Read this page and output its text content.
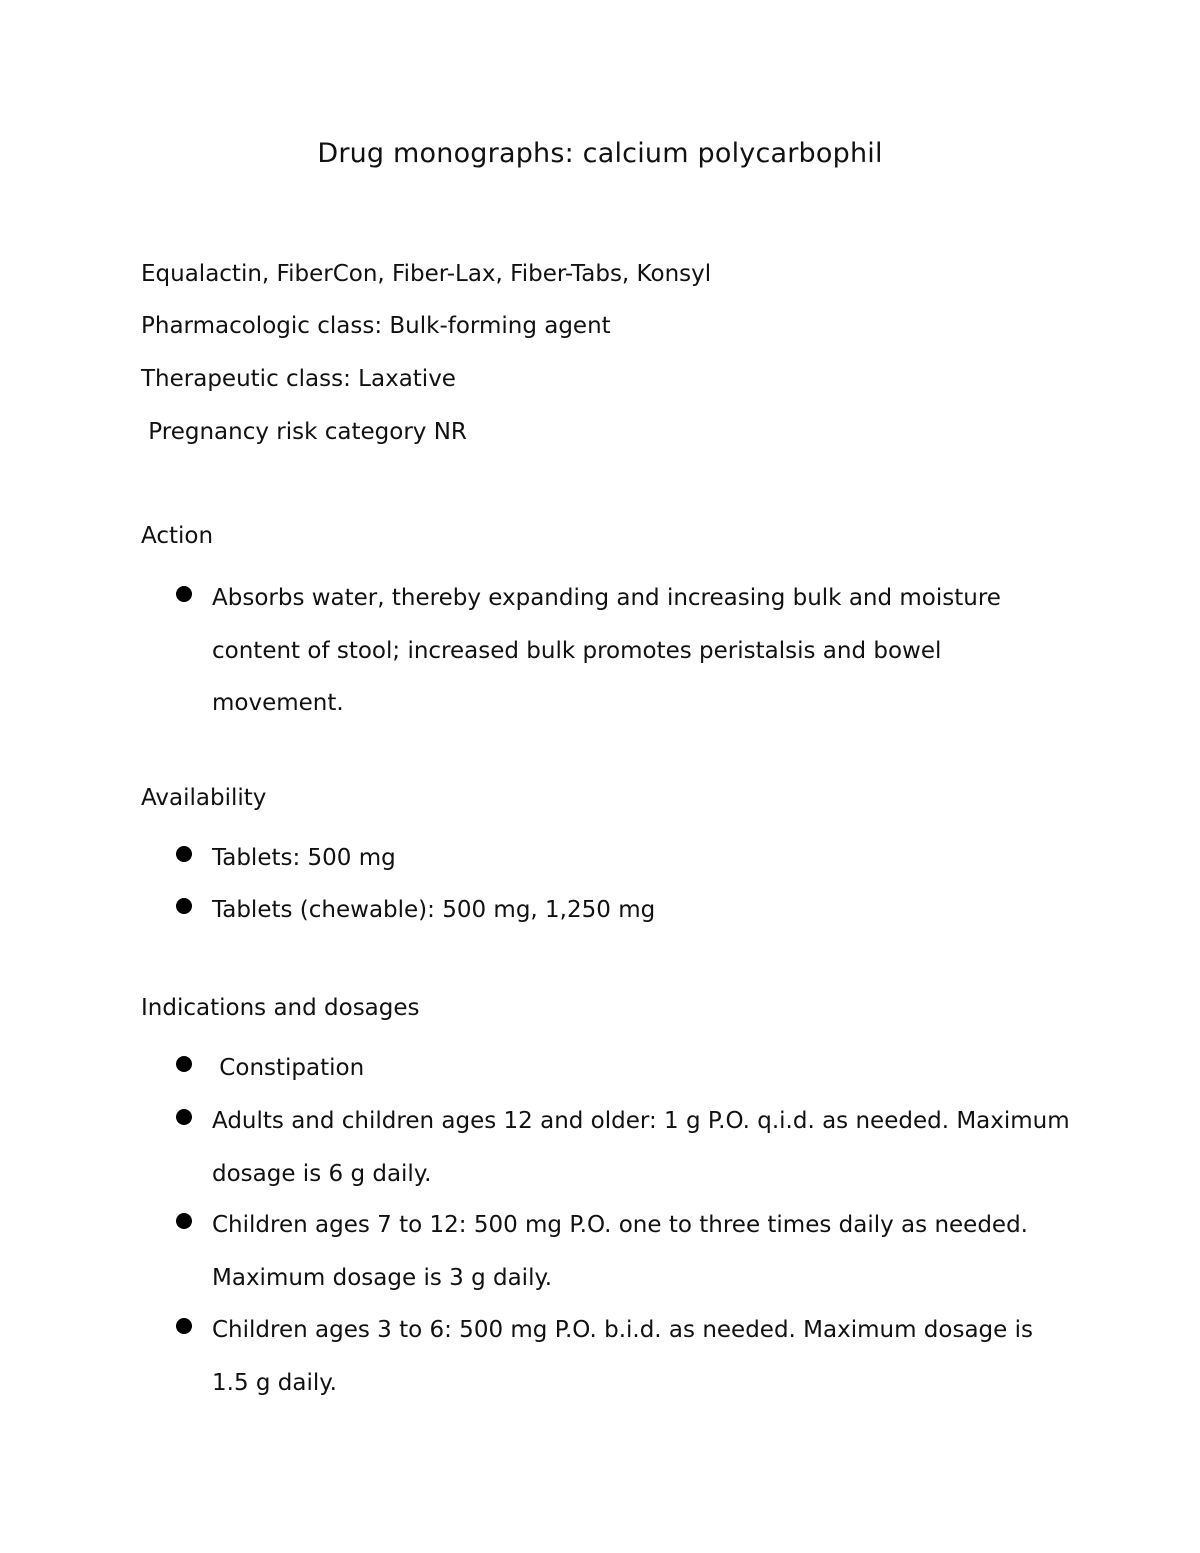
Drug monographs: calcium polycarbophil
Equalactin, FiberCon, Fiber-Lax, Fiber-Tabs, Konsyl
Pharmacologic class: Bulk-forming agent
Therapeutic class: Laxative
Pregnancy risk category NR
Action
Absorbs water, thereby expanding and increasing bulk and moisture content of stool; increased bulk promotes peristalsis and bowel movement.
Availability
Tablets: 500 mg
Tablets (chewable): 500 mg, 1,250 mg
Indications and dosages
Constipation
Adults and children ages 12 and older: 1 g P.O. q.i.d. as needed. Maximum dosage is 6 g daily.
Children ages 7 to 12: 500 mg P.O. one to three times daily as needed. Maximum dosage is 3 g daily.
Children ages 3 to 6: 500 mg P.O. b.i.d. as needed. Maximum dosage is 1.5 g daily.
